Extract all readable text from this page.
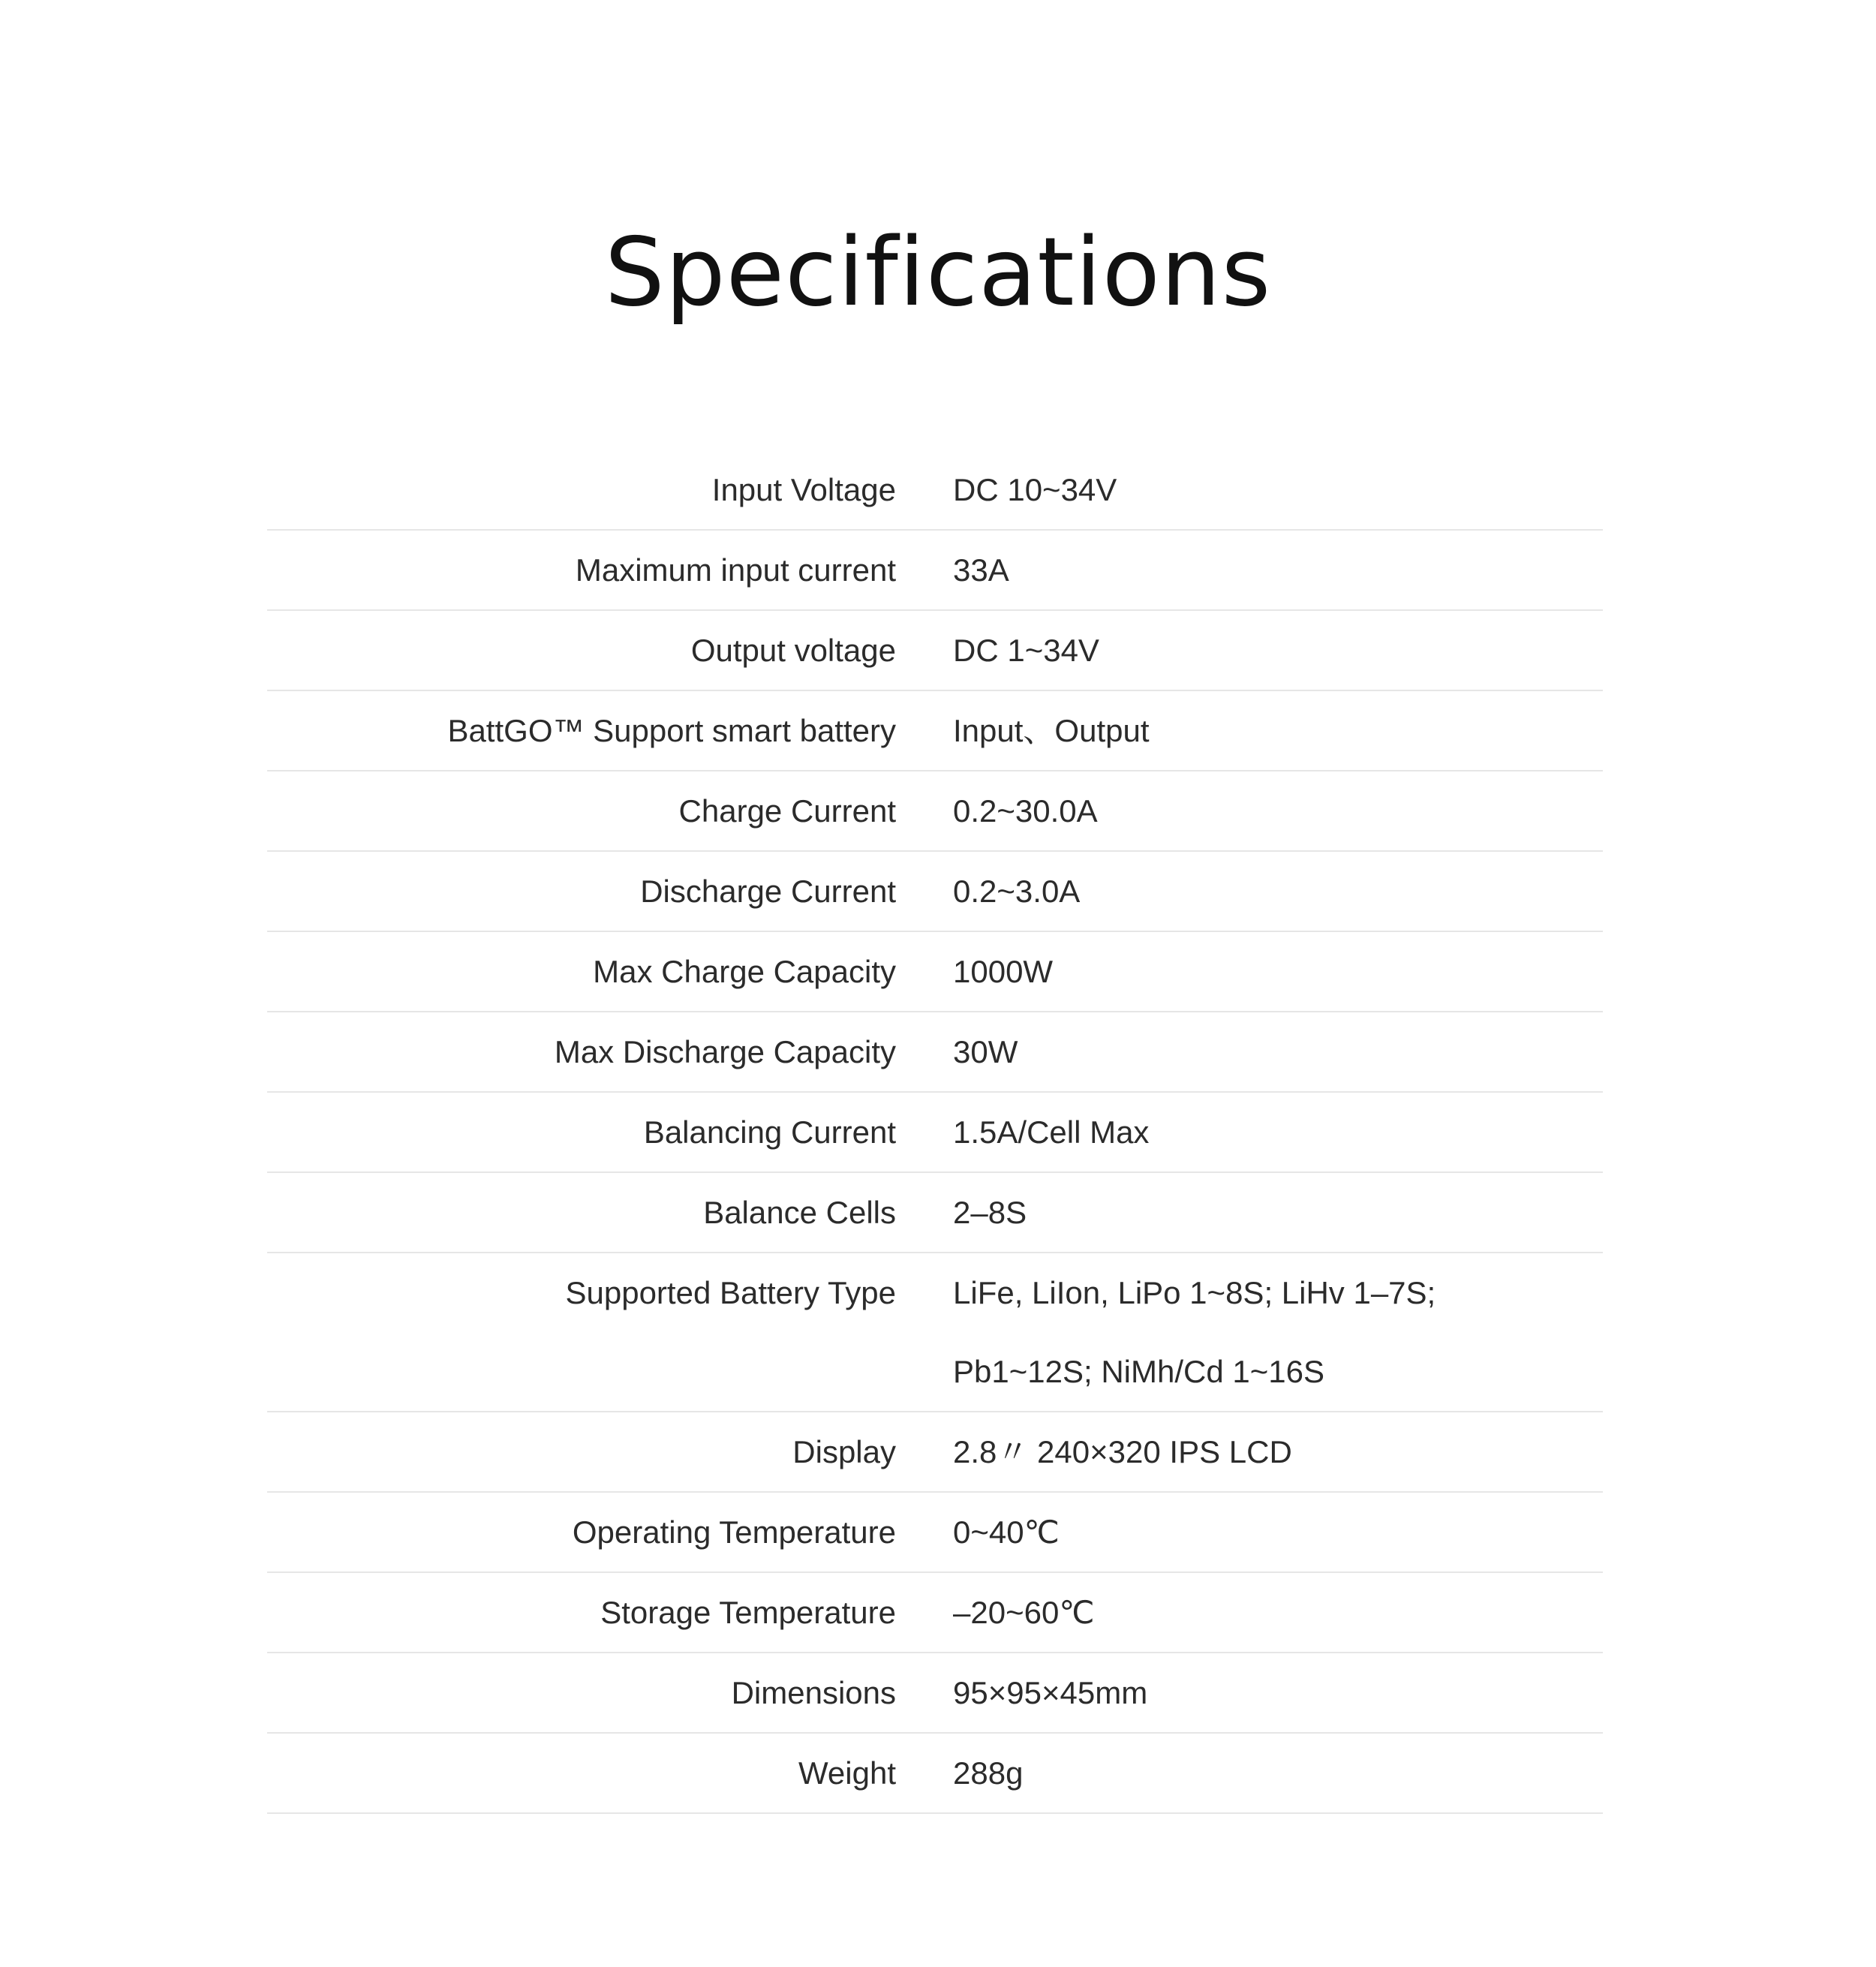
Specifications
Input Voltage DC 10~34V
Maximum input current 33A
Output voltage DC 1~34V
BattGO™ Support smart battery Input、Output
Charge Current 0.2~30.0A
Discharge Current 0.2~3.0A
Max Charge Capacity 1000W
Max Discharge Capacity 30W
Balancing Current 1.5A/Cell Max
Balance Cells 2–8S
Supported Battery Type LiFe, LiIon, LiPo 1~8S; LiHv 1–7S;
Pb1~12S; NiMh/Cd 1~16S
Display 2.8〃 240×320 IPS LCD
Operating Temperature 0~40℃
Storage Temperature –20~60℃
Dimensions 95×95×45mm
Weight 288g
